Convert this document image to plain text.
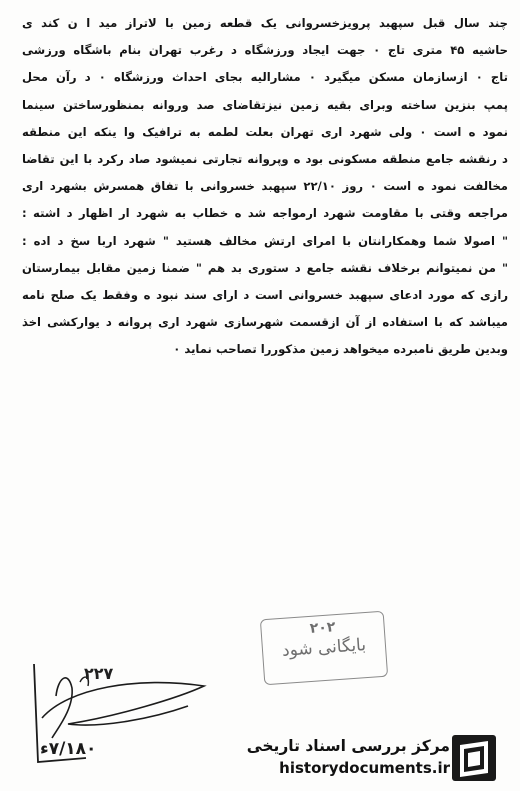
چند سال قبل سپهبد پرویزخسروانی یک قطعه زمین با لاتراز مید ا ن کند ی
حاشیه ۴۵ متری تاج ۰ جهت ایجاد ورزشگاه د رغرب تهران بنام باشگاه ورزشی
تاج ۰ ازسازمان مسکن میگیرد ۰ مشارالیه بجای احداث ورزشگاه ۰ د رآن محل
پمپ بنزین ساخته وبرای بقیه زمین نیزتقاضای صد وروانه بمنظورساختن سینما
نمود ه است ۰ ولی شهرد اری تهران بعلت لطمه به ترافیک وا ینکه این منطقه
د رنقشه جامع منطقه مسکونی بود ه وپروانه تجارتی نمیشود صاد رکرد با این تقاضا
مخالفت نمود ه است ۰ روز ۲۲/۱۰ سپهبد خسروانی با تفاق همسرش بشهرد اری
مراجعه وقتی با مقاومت شهرد ارمواجه شد ه خطاب به شهرد ار اظهار د اشته :
" اصولا شما وهمکارانتان با امرای ارتش مخالف هستید " شهرد اربا سخ د اده :
" من نمیتوانم برخلاف نقشه جامع د ستوری بد هم " ضمنا زمین مقابل بیمارستان
رازی که مورد ادعای سپهبد خسروانی است د ارای سند نبود ه وفقط یک صلح نامه
میباشد که با استفاده از آن ازقسمت شهرسازی شهرد اری پروانه د یوارکشی اخذ
وبدین طریق نامبرده میخواهد زمین مذکوررا تصاحب نماید ۰
۲۰۲
بایگانی شود
۲۲۷
۷/۱۸۰ء	مرکز بررسی اسناد تاریخی
historydocuments.ir
